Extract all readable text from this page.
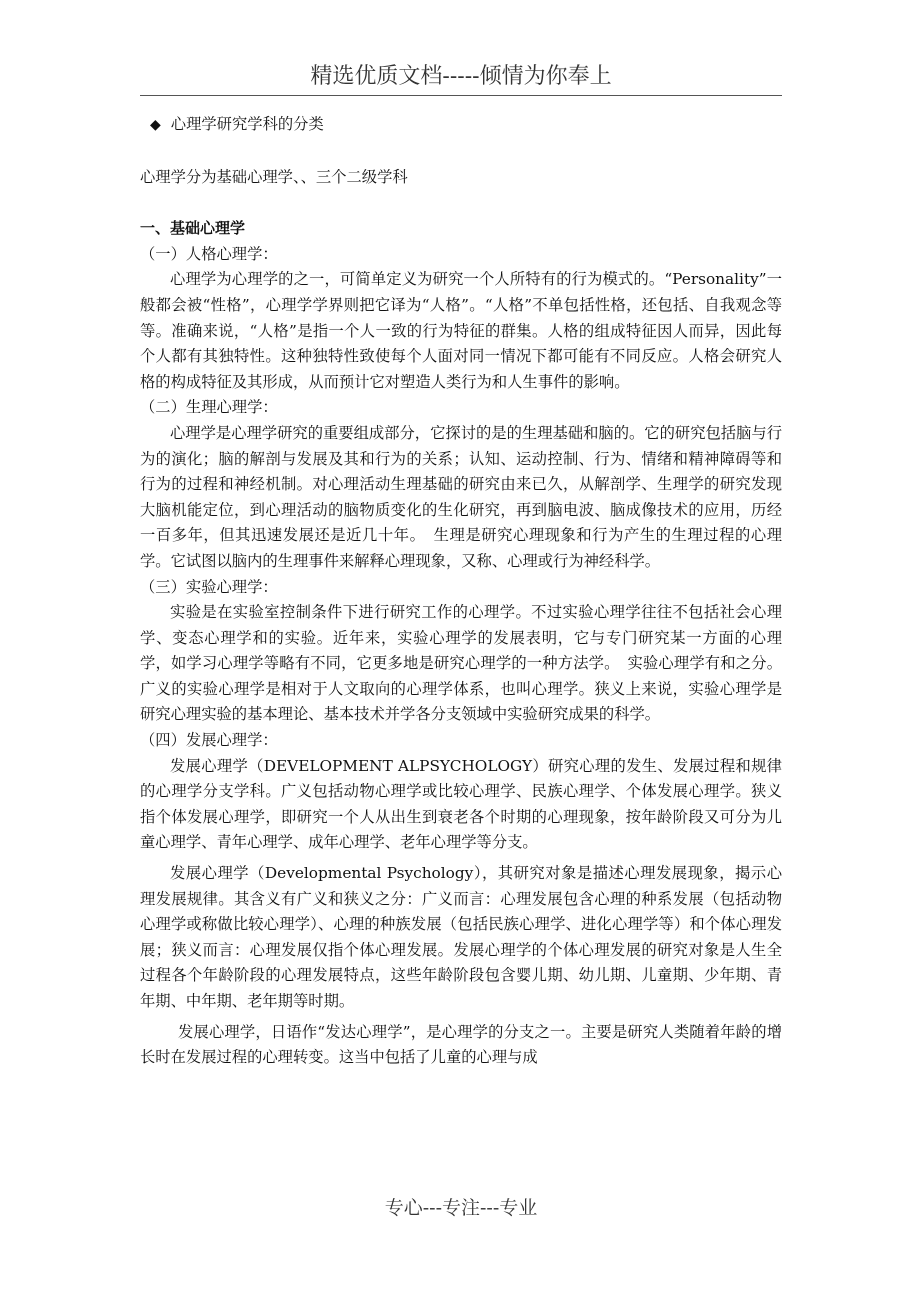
精选优质文档-----倾情为你奉上

◆ 心理学研究学科的分类

心理学分为基础心理学、、三个二级学科

一、基础心理学

（一）人格心理学：

心理学为心理学的之一，可简单定义为研究一个人所特有的行为模式的。“Personality”一般都会被“性格”，心理学学界则把它译为“人格”。“人格”不单包括性格，还包括、自我观念等等。准确来说，“人格”是指一个人一致的行为特征的群集。人格的组成特征因人而异，因此每个人都有其独特性。这种独特性致使每个人面对同一情况下都可能有不同反应。人格会研究人格的构成特征及其形成，从而预计它对塑造人类行为和人生事件的影响。

（二）生理心理学：

心理学是心理学研究的重要组成部分，它探讨的是的生理基础和脑的。它的研究包括脑与行为的演化；脑的解剖与发展及其和行为的关系；认知、运动控制、行为、情绪和精神障碍等和行为的过程和神经机制。对心理活动生理基础的研究由来已久，从解剖学、生理学的研究发现大脑机能定位，到心理活动的脑物质变化的生化研究，再到脑电波、脑成像技术的应用，历经一百多年，但其迅速发展还是近几十年。　生理是研究心理现象和行为产生的生理过程的心理学。它试图以脑内的生理事件来解释心理现象，又称、心理或行为神经科学。

（三）实验心理学：

实验是在实验室控制条件下进行研究工作的心理学。不过实验心理学往往不包括社会心理学、变态心理学和的实验。近年来，实验心理学的发展表明，它与专门研究某一方面的心理学，如学习心理学等略有不同，它更多地是研究心理学的一种方法学。　实验心理学有和之分。广义的实验心理学是相对于人文取向的心理学体系，也叫心理学。狭义上来说，实验心理学是研究心理实验的基本理论、基本技术并学各分支领域中实验研究成果的科学。

（四）发展心理学：

发展心理学（DEVELOPMENT ALPSYCHOLOGY）研究心理的发生、发展过程和规律的心理学分支学科。广义包括动物心理学或比较心理学、民族心理学、个体发展心理学。狭义指个体发展心理学，即研究一个人从出生到衰老各个时期的心理现象，按年龄阶段又可分为儿童心理学、青年心理学、成年心理学、老年心理学等分支。

发展心理学（Developmental Psychology），其研究对象是描述心理发展现象，揭示心理发展规律。其含义有广义和狭义之分：广义而言：心理发展包含心理的种系发展（包括动物心理学或称做比较心理学）、心理的种族发展（包括民族心理学、进化心理学等）和个体心理发展；狭义而言：心理发展仅指个体心理发展。发展心理学的个体心理发展的研究对象是人生全过程各个年龄阶段的心理发展特点，这些年龄阶段包含婴儿期、幼儿期、儿童期、少年期、青年期、中年期、老年期等时期。

发展心理学，日语作“发达心理学”，是心理学的分支之一。主要是研究人类随着年龄的增长时在发展过程的心理转变。这当中包括了儿童的心理与成

专心---专注---专业
